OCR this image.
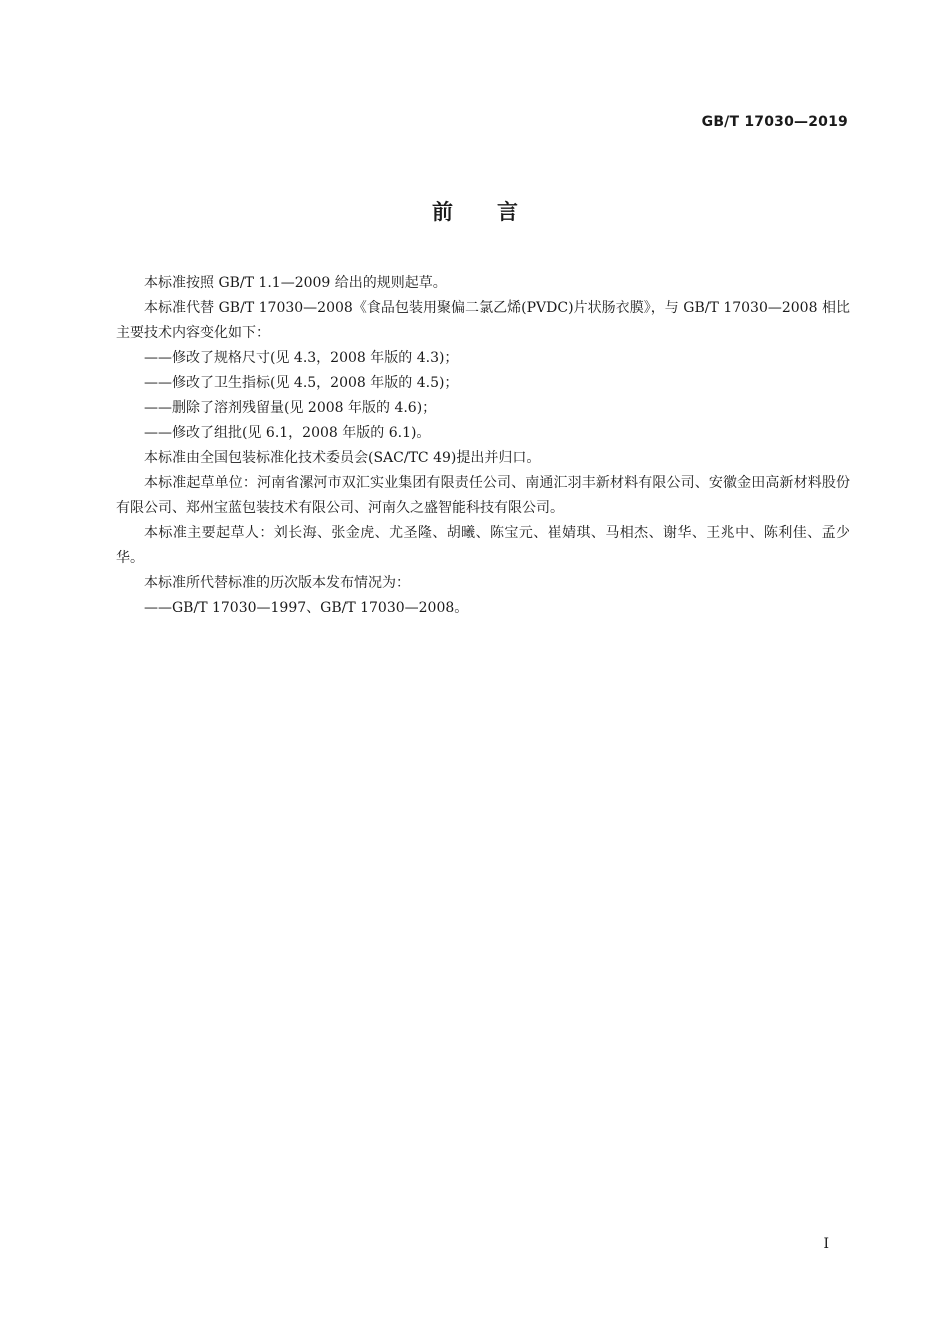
GB/T 17030—2019
前 言

本标准按照 GB/T 1.1—2009 给出的规则起草。

本标准代替 GB/T 17030—2008《食品包装用聚偏二氯乙烯(PVDC)片状肠衣膜》，与 GB/T 17030—2008 相比主要技术内容变化如下：

——修改了规格尺寸(见 4.3，2008 年版的 4.3)；

——修改了卫生指标(见 4.5，2008 年版的 4.5)；

——删除了溶剂残留量(见 2008 年版的 4.6)；

——修改了组批(见 6.1，2008 年版的 6.1)。

本标准由全国包装标准化技术委员会(SAC/TC 49)提出并归口。

本标准起草单位：河南省漯河市双汇实业集团有限责任公司、南通汇羽丰新材料有限公司、安徽金田高新材料股份有限公司、郑州宝蓝包装技术有限公司、河南久之盛智能科技有限公司。

本标准主要起草人：刘长海、张金虎、尤圣隆、胡曦、陈宝元、崔婧琪、马相杰、谢华、王兆中、陈利佳、孟少华。

本标准所代替标准的历次版本发布情况为：

——GB/T 17030—1997、GB/T 17030—2008。

I
